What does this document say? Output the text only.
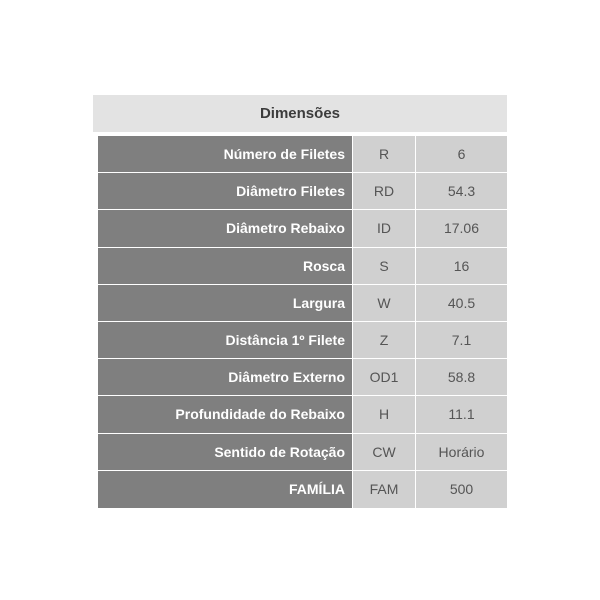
Dimensões
Número de Filetes	R	6
Diâmetro Filetes	RD	54.3
Diâmetro Rebaixo	ID	17.06
Rosca	S	16
Largura	W	40.5
Distância 1º Filete	Z	7.1
Diâmetro Externo	OD1	58.8
Profundidade do Rebaixo	H	11.1
Sentido de Rotação	CW	Horário
FAMÍLIA	FAM	500
